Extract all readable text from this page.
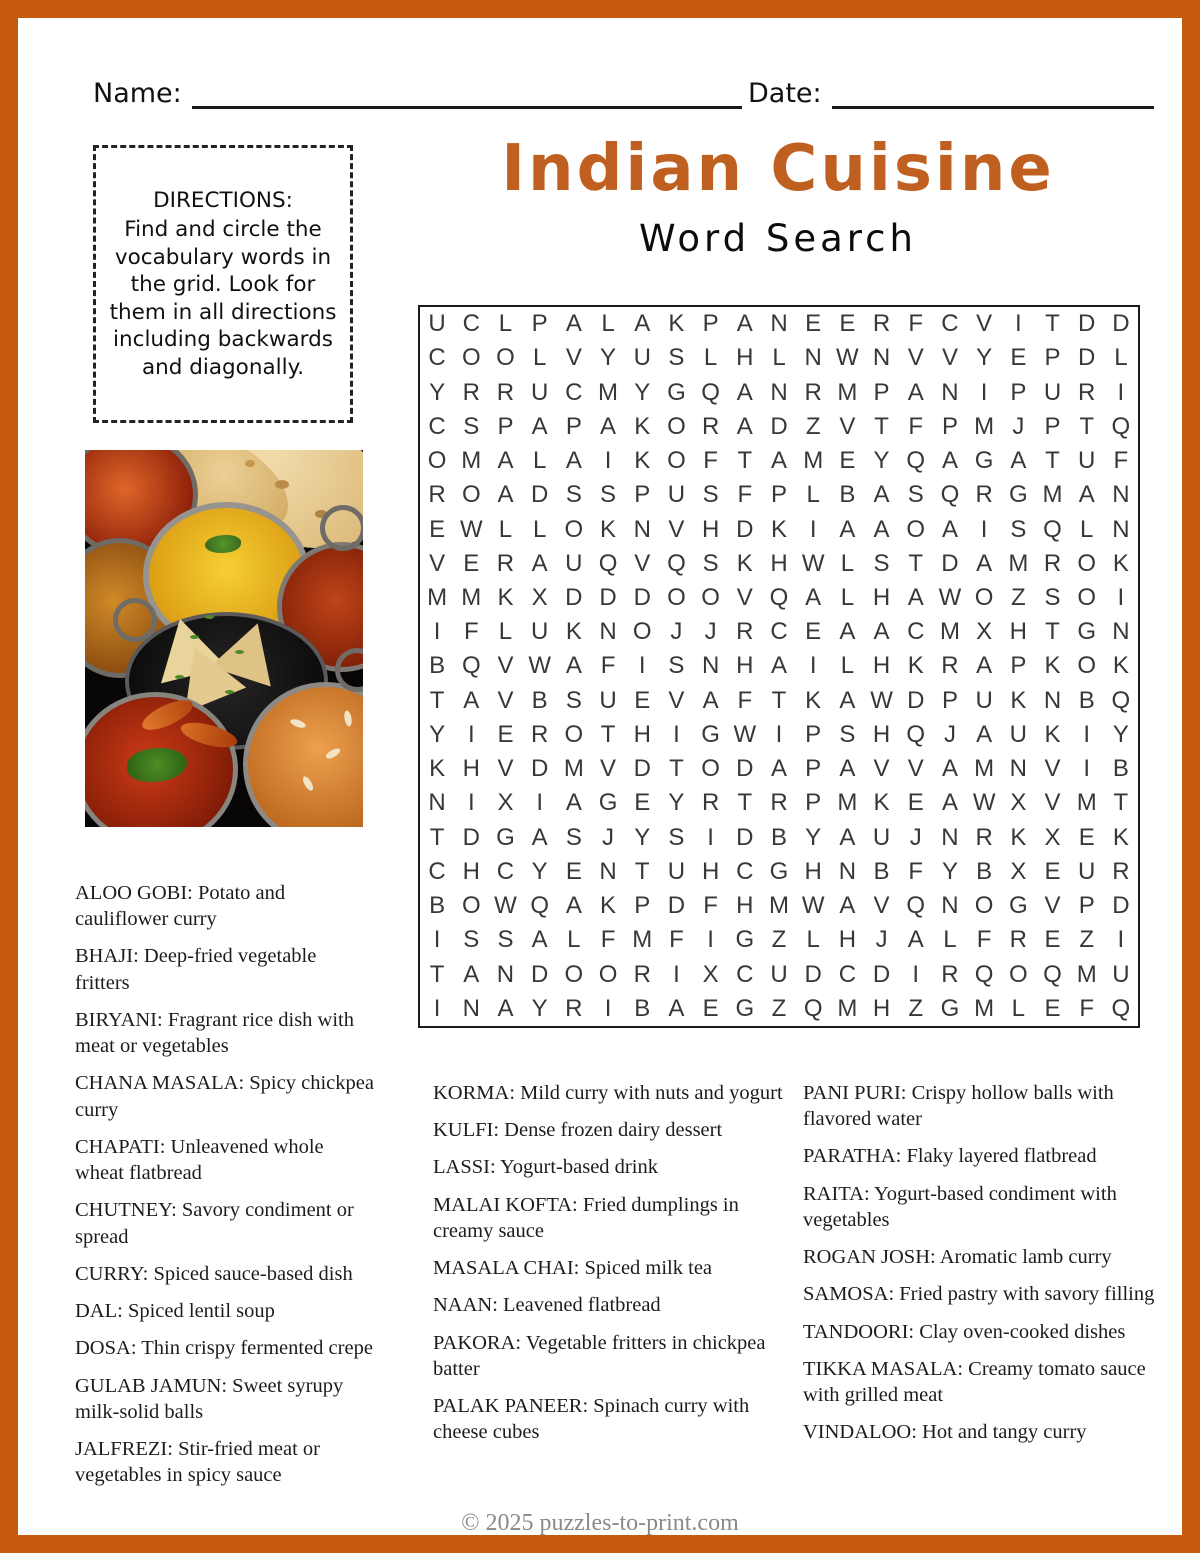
Name:	Date:
DIRECTIONS:
Find and circle the vocabulary words in the grid. Look for them in all directions including backwards and diagonally.
Indian Cuisine
Word Search
U C L P A L A K P A N E E R F C V I T D D
C O O L V Y U S L H L N W N V V Y E P D L
Y R R U C M Y G Q A N R M P A N I P U R I
C S P A P A K O R A D Z V T F P M J P T Q
O M A L A I K O F T A M E Y Q A G A T U F
R O A D S S P U S F P L B A S Q R G M A N
E W L L O K N V H D K I A A O A I S Q L N
V E R A U Q V Q S K H W L S T D A M R O K
M M K X D D D O O V Q A L H A W O Z S O I
I F L U K N O J J R C E A A C M X H T G N
B Q V W A F I S N H A I	L H K R A P K O K
T A V B S U E V A F T K A W D P U K N B Q
Y I E R O T H I G W I P S H Q J A U K I Y
K H V D M V D T O D A P A V V A M N V I B
N I X I A G E Y R T R P M K E A W X V M T
T D G A S J Y S I D B Y A U J N R K X E K
C H C Y E N T U H C G H N B F Y B X E U R
B O W Q A K P D F H M W A V Q N O G V P D
I S S A L F M F I G Z L H J A L F R E Z I
T A N D O O R I X C U D C D I R Q O Q M U
I N A Y R I B A E G Z Q M H Z G M L E F Q

ALOO GOBI: Potato and cauliflower curry

BHAJI: Deep-fried vegetable fritters

BIRYANI: Fragrant rice dish with meat or vegetables

CHANA MASALA: Spicy chickpea curry

CHAPATI: Unleavened whole wheat flatbread

CHUTNEY: Savory condiment or spread

CURRY: Spiced sauce-based dish

DAL: Spiced lentil soup

DOSA: Thin crispy fermented crepe

GULAB JAMUN: Sweet syrupy milk-solid balls

JALFREZI: Stir-fried meat or vegetables in spicy sauce

KORMA: Mild curry with nuts and yogurt

KULFI: Dense frozen dairy dessert

LASSI: Yogurt-based drink

MALAI KOFTA: Fried dumplings in creamy sauce

MASALA CHAI: Spiced milk tea

NAAN: Leavened flatbread

PAKORA: Vegetable fritters in chickpea batter

PALAK PANEER: Spinach curry with cheese cubes

PANI PURI: Crispy hollow balls with flavored water

PARATHA: Flaky layered flatbread

RAITA: Yogurt-based condiment with vegetables

ROGAN JOSH: Aromatic lamb curry

SAMOSA: Fried pastry with savory filling

TANDOORI: Clay oven-cooked dishes

TIKKA MASALA: Creamy tomato sauce with grilled meat

VINDALOO: Hot and tangy curry

© 2025 puzzles-to-print.com
